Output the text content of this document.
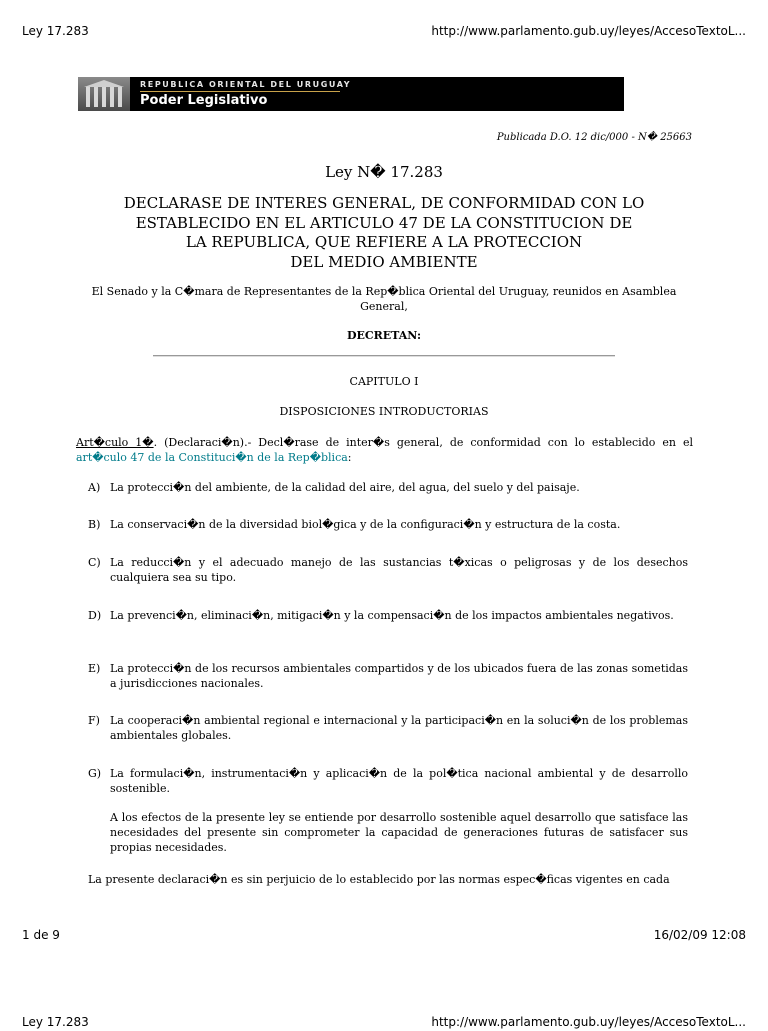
Ley 17.283	http://www.parlamento.gub.uy/leyes/AccesoTextoL...
REPUBLICA ORIENTAL DEL URUGUAY
Poder Legislativo
Publicada D.O. 12 dic/000 - N� 25663
Ley N� 17.283
DECLARASE DE INTERES GENERAL, DE CONFORMIDAD CON LO
ESTABLECIDO EN EL ARTICULO 47 DE LA CONSTITUCION DE
LA REPUBLICA, QUE REFIERE A LA PROTECCION
DEL MEDIO AMBIENTE
El Senado y la C�mara de Representantes de la Rep�blica Oriental del Uruguay, reunidos en Asamblea General,
DECRETAN:
CAPITULO I
DISPOSICIONES INTRODUCTORIAS
Art�culo 1�. (Declaraci�n).- Decl�rase de inter�s general, de conformidad con lo establecido en el art�culo 47 de la Constituci�n de la Rep�blica:
A) La protecci�n del ambiente, de la calidad del aire, del agua, del suelo y del paisaje.
B) La conservaci�n de la diversidad biol�gica y de la configuraci�n y estructura de la costa.
C) La reducci�n y el adecuado manejo de las sustancias t�xicas o peligrosas y de los desechos cualquiera sea su tipo.
D) La prevenci�n, eliminaci�n, mitigaci�n y la compensaci�n de los impactos ambientales negativos.
E) La protecci�n de los recursos ambientales compartidos y de los ubicados fuera de las zonas sometidas a jurisdicciones nacionales.
F) La cooperaci�n ambiental regional e internacional y la participaci�n en la soluci�n de los problemas ambientales globales.
G) La formulaci�n, instrumentaci�n y aplicaci�n de la pol�tica nacional ambiental y de desarrollo sostenible.
A los efectos de la presente ley se entiende por desarrollo sostenible aquel desarrollo que satisface las necesidades del presente sin comprometer la capacidad de generaciones futuras de satisfacer sus propias necesidades.
La presente declaraci�n es sin perjuicio de lo establecido por las normas espec�ficas vigentes en cada
1 de 9	16/02/09 12:08
Ley 17.283	http://www.parlamento.gub.uy/leyes/AccesoTextoL...
